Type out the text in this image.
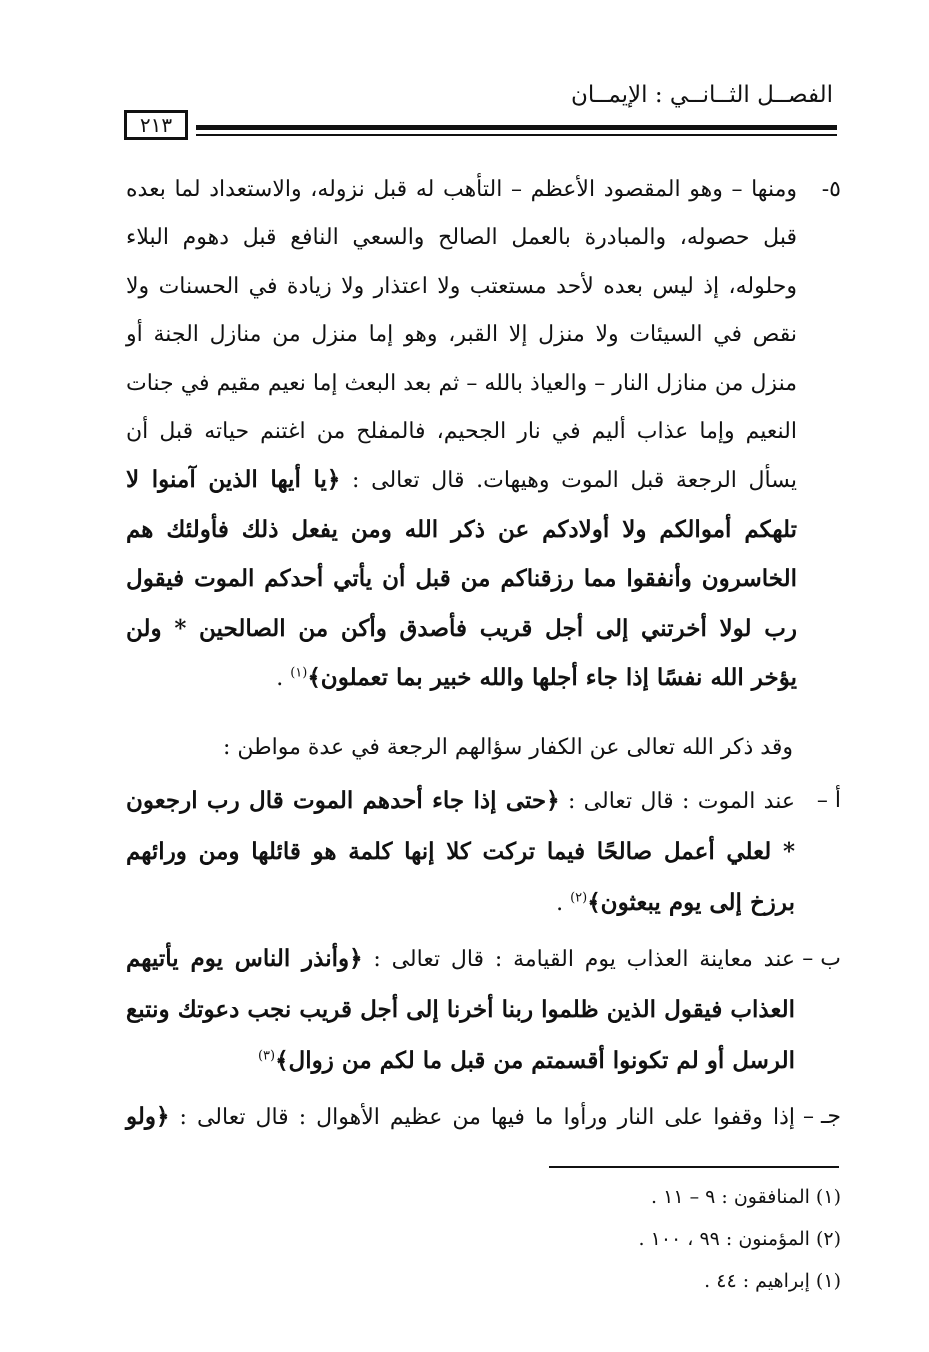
الفصــل الثــانــي : الإيمــان
٢١٣
٥-
ومنها – وهو المقصود الأعظم – التأهب له قبل نزوله، والاستعداد لما بعده قبل حصوله، والمبادرة بالعمل الصالح والسعي النافع قبل دهوم البلاء وحلوله، إذ ليس بعده لأحد مستعتب ولا اعتذار ولا زيادة في الحسنات ولا نقص في السيئات ولا منزل إلا القبر، وهو إما منزل من منازل الجنة أو منزل من منازل النار – والعياذ بالله – ثم بعد البعث إما نعيم مقيم في جنات النعيم وإما عذاب أليم في نار الجحيم، فالمفلح من اغتنم حياته قبل أن يسأل الرجعة قبل الموت وهيهات. قال تعالى : ﴿يا أيها الذين آمنوا لا تلهكم أموالكم ولا أولادكم عن ذكر الله ومن يفعل ذلك فأولئك هم الخاسرون وأنفقوا مما رزقناكم من قبل أن يأتي أحدكم الموت فيقول رب لولا أخرتني إلى أجل قريب فأصدق وأكن من الصالحين * ولن يؤخر الله نفسًا إذا جاء أجلها والله خبير بما تعملون﴾$^{(١)}$ .
وقد ذكر الله تعالى عن الكفار سؤالهم الرجعة في عدة مواطن :
أ –
عند الموت : قال تعالى : ﴿حتى إذا جاء أحدهم الموت قال رب ارجعون * لعلي أعمل صالحًا فيما تركت كلا إنها كلمة هو قائلها ومن ورائهم برزخ إلى يوم يبعثون﴾$^{(٢)}$ .
ب –
عند معاينة العذاب يوم القيامة : قال تعالى : ﴿وأنذر الناس يوم يأتيهم العذاب فيقول الذين ظلموا ربنا أخرنا إلى أجل قريب نجب دعوتك ونتبع الرسل أو لم تكونوا أقسمتم من قبل ما لكم من زوال﴾$^{(٣)}$
جـ –
إذا وقفوا على النار ورأوا ما فيها من عظيم الأهوال : قال تعالى : ﴿ولو
(١) المنافقون : ٩ – ١١ .
(٢) المؤمنون : ٩٩ ، ١٠٠ .
(١) إبراهيم : ٤٤ .
